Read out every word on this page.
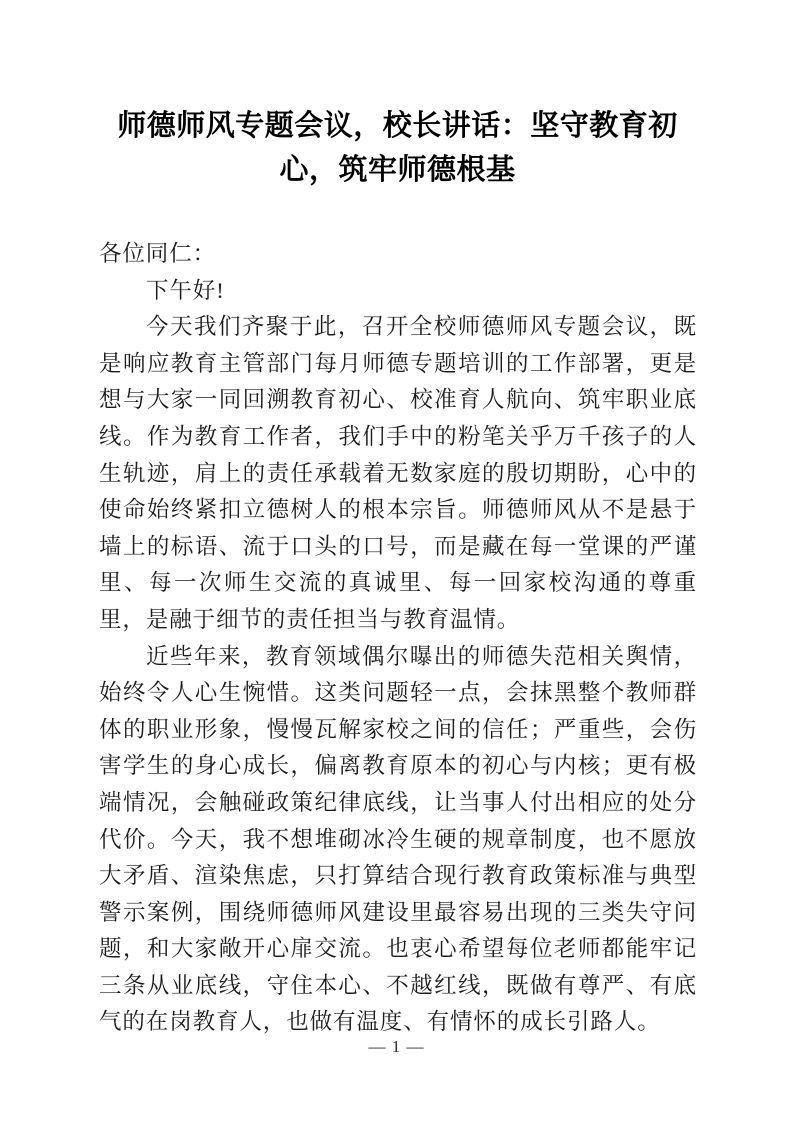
师德师风专题会议，校长讲话：坚守教育初心，筑牢师德根基

各位同仁：

下午好!

今天我们齐聚于此，召开全校师德师风专题会议，既是响应教育主管部门每月师德专题培训的工作部署，更是想与大家一同回溯教育初心、校准育人航向、筑牢职业底线。作为教育工作者，我们手中的粉笔关乎万千孩子的人生轨迹，肩上的责任承载着无数家庭的殷切期盼，心中的使命始终紧扣立德树人的根本宗旨。师德师风从不是悬于墙上的标语、流于口头的口号，而是藏在每一堂课的严谨里、每一次师生交流的真诚里、每一回家校沟通的尊重里，是融于细节的责任担当与教育温情。

近些年来，教育领域偶尔曝出的师德失范相关舆情，始终令人心生惋惜。这类问题轻一点，会抹黑整个教师群体的职业形象，慢慢瓦解家校之间的信任；严重些，会伤害学生的身心成长，偏离教育原本的初心与内核；更有极端情况，会触碰政策纪律底线，让当事人付出相应的处分代价。今天，我不想堆砌冰冷生硬的规章制度，也不愿放大矛盾、渲染焦虑，只打算结合现行教育政策标准与典型警示案例，围绕师德师风建设里最容易出现的三类失守问题，和大家敞开心扉交流。也衷心希望每位老师都能牢记三条从业底线，守住本心、不越红线，既做有尊严、有底气的在岗教育人，也做有温度、有情怀的成长引路人。

— 1 —
